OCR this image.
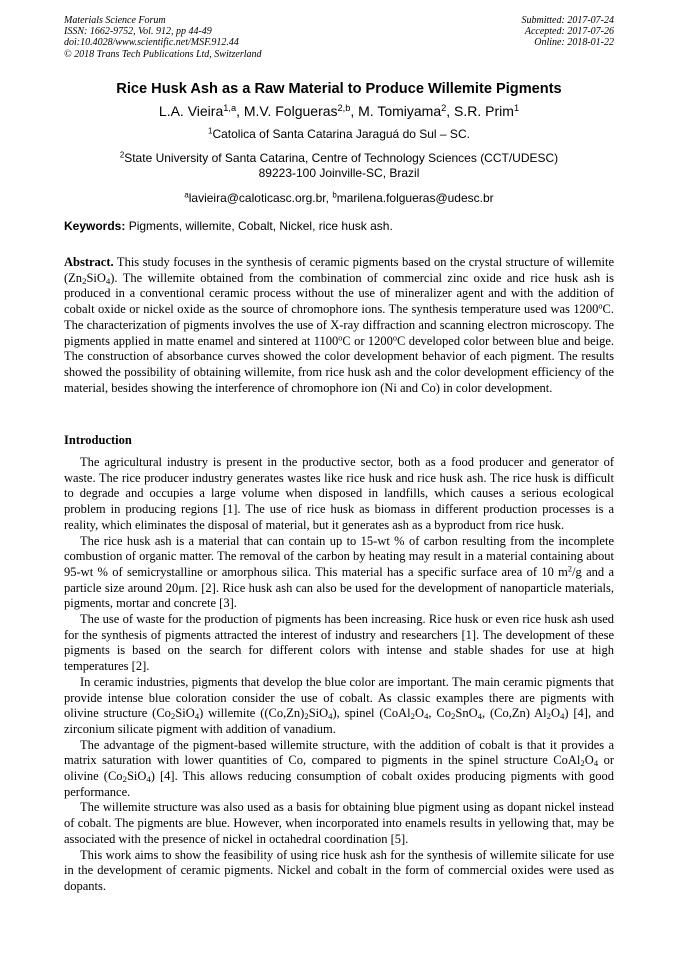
Materials Science Forum
ISSN: 1662-9752, Vol. 912, pp 44-49
doi:10.4028/www.scientific.net/MSF.912.44
© 2018 Trans Tech Publications Ltd, Switzerland
Submitted: 2017-07-24
Accepted: 2017-07-26
Online: 2018-01-22
Rice Husk Ash as a Raw Material to Produce Willemite Pigments
L.A. Vieira$^{1,a}$, M.V. Folgueras$^{2,b}$, M. Tomiyama$^2$, S.R. Prim$^1$
$^1$Catolica of Santa Catarina Jaraguá do Sul – SC.
$^2$State University of Santa Catarina, Centre of Technology Sciences (CCT/UDESC)
89223-100 Joinville-SC, Brazil
$^a$lavieira@caloticasc.org.br, $^b$marilena.folgueras@udesc.br
Keywords: Pigments, willemite, Cobalt, Nickel, rice husk ash.
Abstract. This study focuses in the synthesis of ceramic pigments based on the crystal structure of willemite $(Zn_2SiO_4)$. The willemite obtained from the combination of commercial zinc oxide and rice husk ash is produced in a conventional ceramic process without the use of mineralizer agent and with the addition of cobalt oxide or nickel oxide as the source of chromophore ions. The synthesis temperature used was 1200$^o$C. The characterization of pigments involves the use of X-ray diffraction and scanning electron microscopy. The pigments applied in matte enamel and sintered at 1100$^o$C or 1200$^o$C developed color between blue and beige. The construction of absorbance curves showed the color development behavior of each pigment. The results showed the possibility of obtaining willemite, from rice husk ash and the color development efficiency of the material, besides showing the interference of chromophore ion (Ni and Co) in color development.
Introduction

The agricultural industry is present in the productive sector, both as a food producer and generator of waste. The rice producer industry generates wastes like rice husk and rice husk ash. The rice husk is difficult to degrade and occupies a large volume when disposed in landfills, which causes a serious ecological problem in producing regions [1]. The use of rice husk as biomass in different production processes is a reality, which eliminates the disposal of material, but it generates ash as a byproduct from rice husk.

The rice husk ash is a material that can contain up to 15-wt % of carbon resulting from the incomplete combustion of organic matter. The removal of the carbon by heating may result in a material containing about 95-wt % of semicrystalline or amorphous silica. This material has a specific surface area of 10 $m^2/g$ and a particle size around 20μm. [2]. Rice husk ash can also be used for the development of nanoparticle materials, pigments, mortar and concrete [3].

The use of waste for the production of pigments has been increasing. Rice husk or even rice husk ash used for the synthesis of pigments attracted the interest of industry and researchers [1]. The development of these pigments is based on the search for different colors with intense and stable shades for use at high temperatures [2].

In ceramic industries, pigments that develop the blue color are important. The main ceramic pigments that provide intense blue coloration consider the use of cobalt. As classic examples there are pigments with olivine structure $(Co_2SiO_4)$ willemite $((Co,Zn)_2SiO_4)$, spinel ($CoAl_2O_4$, $Co_2SnO_4$, (Co,Zn) $Al_2O_4$) [4], and zirconium silicate pigment with addition of vanadium.

The advantage of the pigment-based willemite structure, with the addition of cobalt is that it provides a matrix saturation with lower quantities of Co, compared to pigments in the spinel structure $CoAl_2O_4$ or olivine $(Co_2SiO_4)$ [4]. This allows reducing consumption of cobalt oxides producing pigments with good performance.

The willemite structure was also used as a basis for obtaining blue pigment using as dopant nickel instead of cobalt. The pigments are blue. However, when incorporated into enamels results in yellowing that, may be associated with the presence of nickel in octahedral coordination [5].

This work aims to show the feasibility of using rice husk ash for the synthesis of willemite silicate for use in the development of ceramic pigments. Nickel and cobalt in the form of commercial oxides were used as dopants.
